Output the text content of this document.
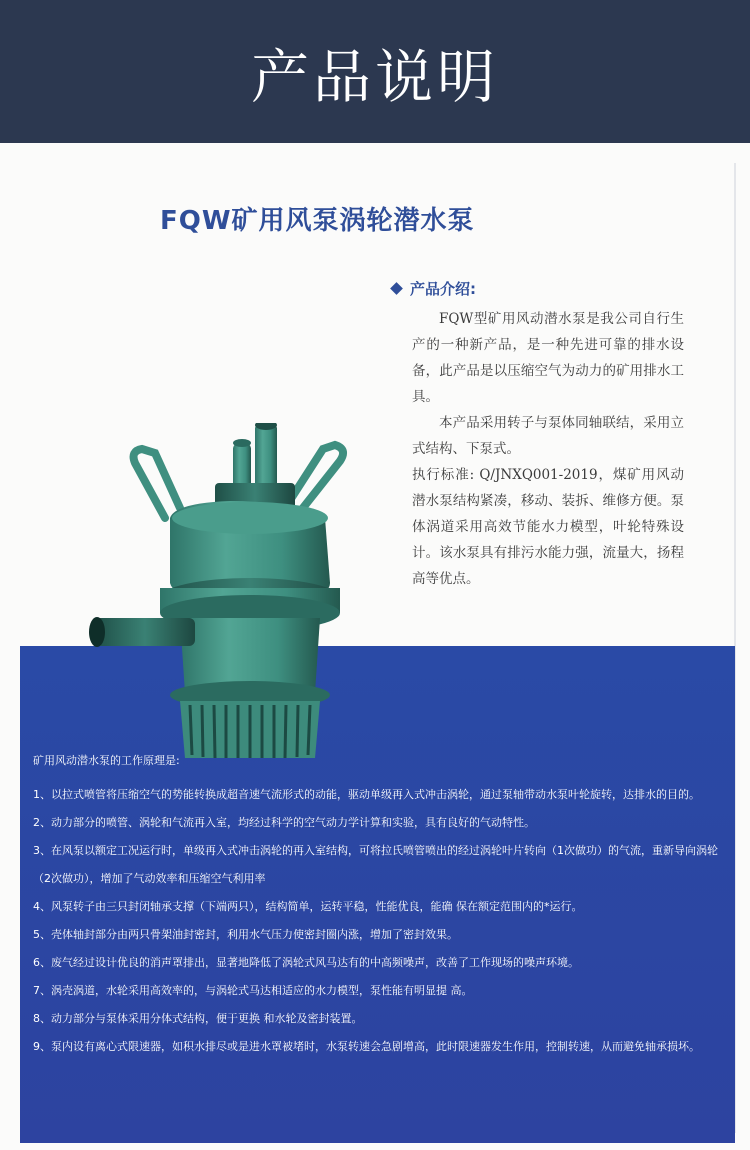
产品说明
FQW矿用风泵涡轮潜水泵
产品介绍:

FQW型矿用风动潜水泵是我公司自行生产的一种新产品，是一种先进可靠的排水设备，此产品是以压缩空气为动力的矿用排水工具。

本产品采用转子与泵体同轴联结，采用立式结构、下泵式。

执行标准: Q/JNXQ001-2019，煤矿用风动潜水泵结构紧凑，移动、装拆、维修方便。泵体涡道采用高效节能水力模型，叶轮特殊设计。该水泵具有排污水能力强，流量大，扬程高等优点。

矿用风动潜水泵的工作原理是:
1、以拉式喷管将压缩空气的势能转换成超音速气流形式的动能，驱动单级再入式冲击涡轮，通过泵轴带动水泵叶轮旋转，达排水的目的。
2、动力部分的喷管、涡轮和气流再入室，均经过科学的空气动力学计算和实验，具有良好的气动特性。
3、在风泵以额定工况运行时，单级再入式冲击涡轮的再入室结构，可将拉氏喷管喷出的经过涡轮叶片转向（1次做功）的气流，重新导向涡轮（2次做功），增加了气动效率和压缩空气利用率
4、风泵转子由三只封闭轴承支撑（下端两只），结构简单，运转平稳，性能优良，能确 保在额定范围内的*运行。
5、壳体轴封部分由两只骨架油封密封，利用水气压力使密封圈内涨，增加了密封效果。
6、废气经过设计优良的消声罩排出，显著地降低了涡轮式风马达有的中高频噪声，改善了工作现场的噪声环境。
7、涡壳涡道，水轮采用高效率的，与涡轮式马达相适应的水力模型，泵性能有明显提 高。
8、动力部分与泵体采用分体式结构，便于更换 和水轮及密封装置。
9、泵内设有离心式限速器，如积水排尽或是进水罩被堵时，水泵转速会急剧增高，此时限速器发生作用，控制转速，从而避免轴承损坏。
